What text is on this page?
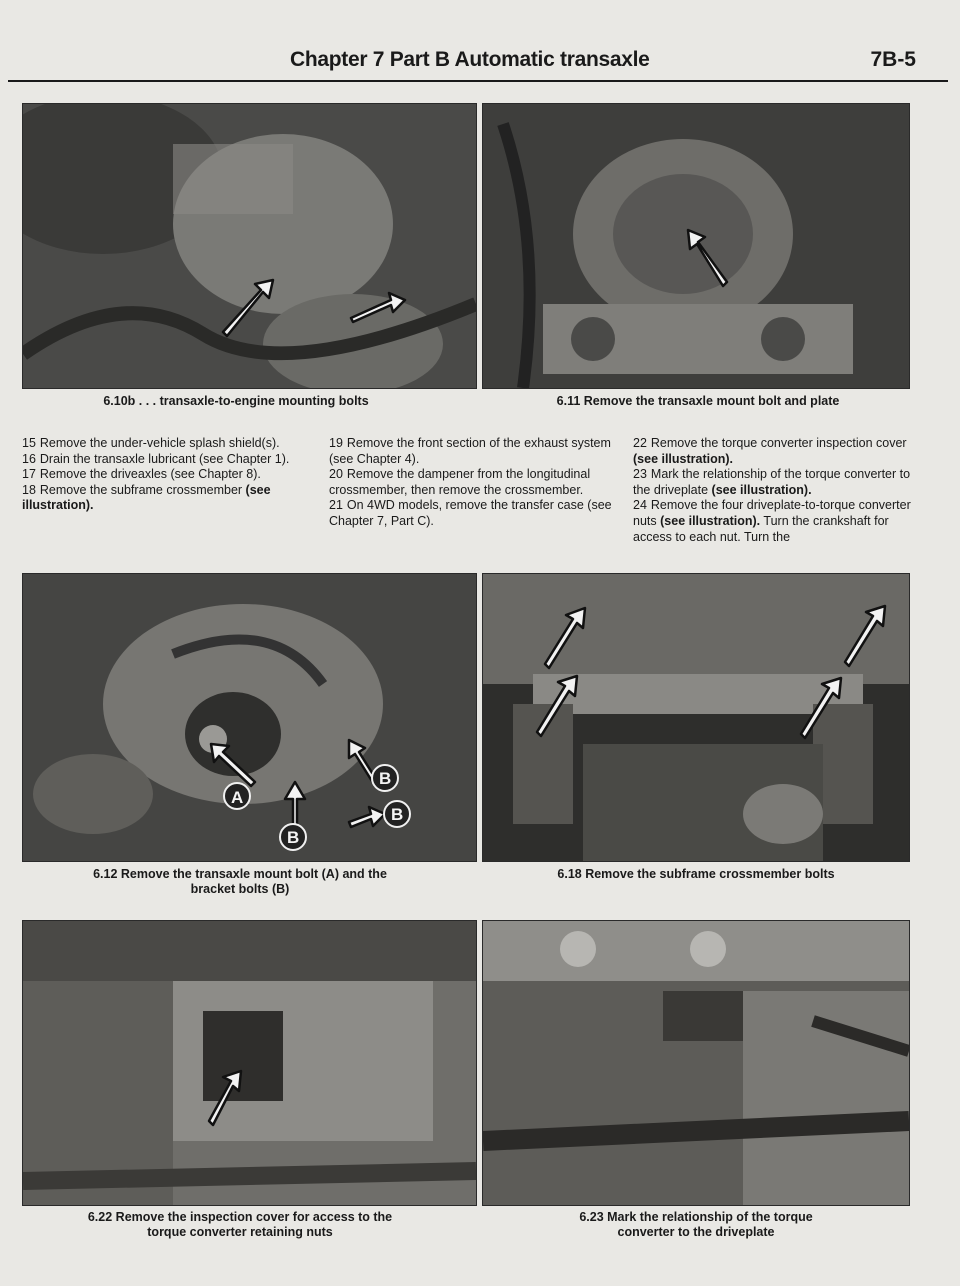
Chapter 7 Part B Automatic transaxle	7B-5
6.10b . . . transaxle-to-engine mounting bolts	6.11 Remove the transaxle mount bolt and plate

15 Remove the under-vehicle splash shield(s).

16 Drain the transaxle lubricant (see Chapter 1).

17 Remove the driveaxles (see Chapter 8).

18 Remove the subframe crossmember (see illustration).

19 Remove the front section of the exhaust system (see Chapter 4).

20 Remove the dampener from the longitudinal crossmember, then remove the crossmember.

21 On 4WD models, remove the transfer case (see Chapter 7, Part C).

22 Remove the torque converter inspection cover (see illustration).

23 Mark the relationship of the torque converter to the driveplate (see illustration).

24 Remove the four driveplate-to-torque converter nuts (see illustration). Turn the crankshaft for access to each nut. Turn the

A
B
B
B
6.12 Remove the transaxle mount bolt (A) and the
bracket bolts (B)
6.18 Remove the subframe crossmember bolts
6.22 Remove the inspection cover for access to the
torque converter retaining nuts
6.23 Mark the relationship of the torque
converter to the driveplate
